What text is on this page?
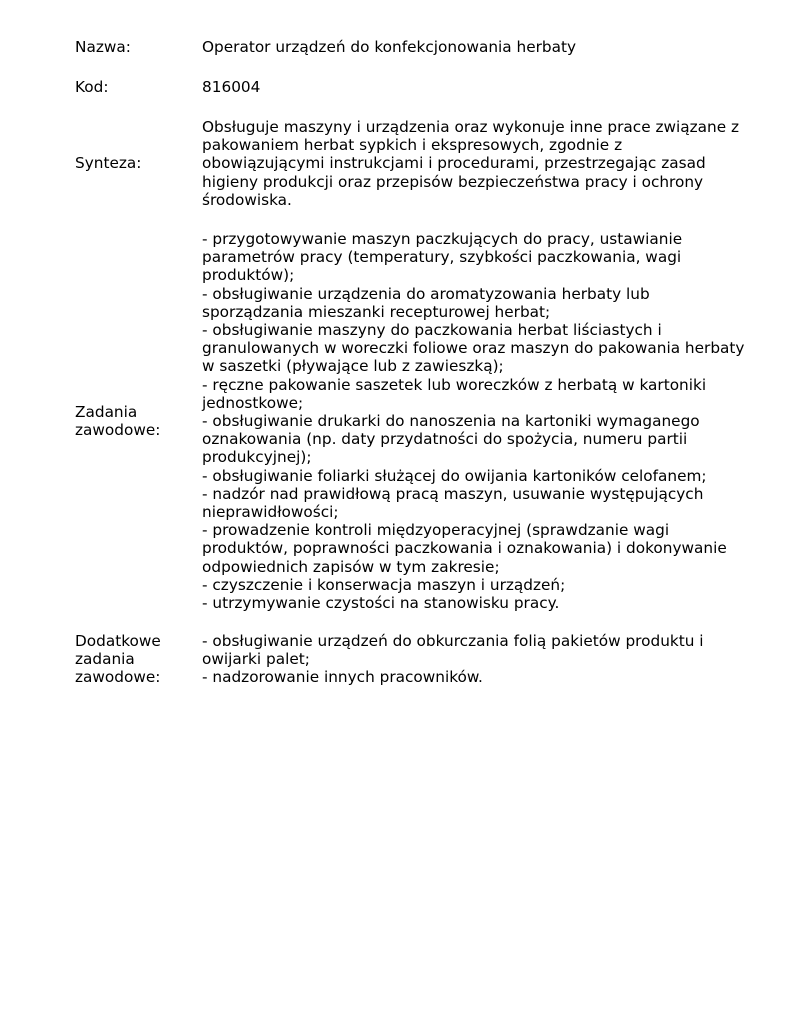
Nazwa:	Operator urządzeń do konfekcjonowania herbaty
Kod:	816004
Synteza:
Obsługuje maszyny i urządzenia oraz wykonuje inne prace związane z
pakowaniem herbat sypkich i ekspresowych, zgodnie z
obowiązującymi instrukcjami i procedurami, przestrzegając zasad
higieny produkcji oraz przepisów bezpieczeństwa pracy i ochrony
środowiska.
Zadania
zawodowe:
- przygotowywanie maszyn paczkujących do pracy, ustawianie
parametrów pracy (temperatury, szybkości paczkowania, wagi
produktów);
- obsługiwanie urządzenia do aromatyzowania herbaty lub
sporządzania mieszanki recepturowej herbat;
- obsługiwanie maszyny do paczkowania herbat liściastych i
granulowanych w woreczki foliowe oraz maszyn do pakowania herbaty
w saszetki (pływające lub z zawieszką);
- ręczne pakowanie saszetek lub woreczków z herbatą w kartoniki
jednostkowe;
- obsługiwanie drukarki do nanoszenia na kartoniki wymaganego
oznakowania (np. daty przydatności do spożycia, numeru partii
produkcyjnej);
- obsługiwanie foliarki służącej do owijania kartoników celofanem;
- nadzór nad prawidłową pracą maszyn, usuwanie występujących
nieprawidłowości;
- prowadzenie kontroli międzyoperacyjnej (sprawdzanie wagi
produktów, poprawności paczkowania i oznakowania) i dokonywanie
odpowiednich zapisów w tym zakresie;
- czyszczenie i konserwacja maszyn i urządzeń;
- utrzymywanie czystości na stanowisku pracy.
Dodatkowe
zadania
zawodowe:
- obsługiwanie urządzeń do obkurczania folią pakietów produktu i
owijarki palet;
- nadzorowanie innych pracowników.
